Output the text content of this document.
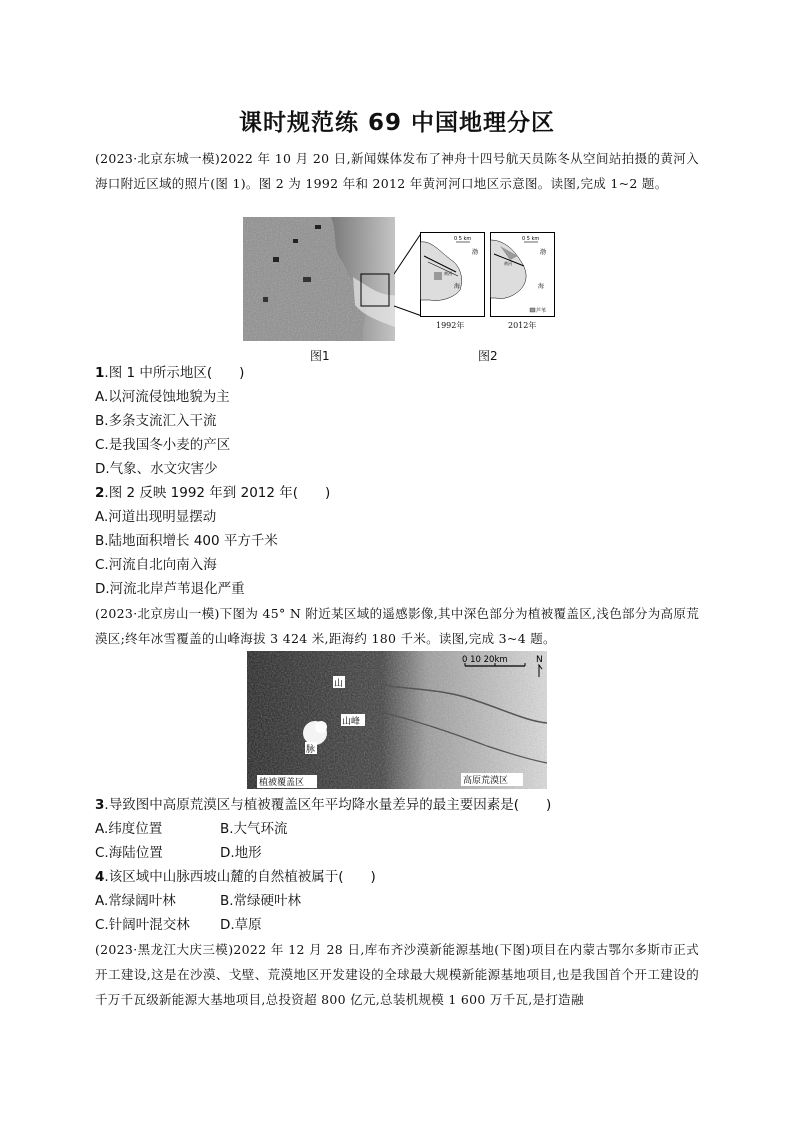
课时规范练 69 中国地理分区
(2023·北京东城一模)2022 年 10 月 20 日,新闻媒体发布了神舟十四号航天员陈冬从空间站拍摄的黄河入海口附近区域的照片(图 1)。图 2 为 1992 年和 2012 年黄河河口地区示意图。读图,完成 1~2 题。
0 5 km
渤
海
黄河
0 5 km
渤
海
黄河
芦苇
1992年	2012年
图1	图2
1.图 1 中所示地区(　　)
A.以河流侵蚀地貌为主
B.多条支流汇入干流
C.是我国冬小麦的产区
D.气象、水文灾害少
2.图 2 反映 1992 年到 2012 年(　　)
A.河道出现明显摆动
B.陆地面积增长 400 平方千米
C.河流自北向南入海
D.河流北岸芦苇退化严重
(2023·北京房山一模)下图为 45° N 附近某区域的遥感影像,其中深色部分为植被覆盖区,浅色部分为高原荒漠区;终年冰雪覆盖的山峰海拔 3 424 米,距海约 180 千米。读图,完成 3~4 题。
0 10 20km	N
山
山峰
脉
植被覆盖区	高原荒漠区
3.导致图中高原荒漠区与植被覆盖区年平均降水量差异的最主要因素是(　　)
A.纬度位置	B.大气环流
C.海陆位置	D.地形
4.该区域中山脉西坡山麓的自然植被属于(　　)
A.常绿阔叶林	B.常绿硬叶林
C.针阔叶混交林 D.草原
(2023·黑龙江大庆三模)2022 年 12 月 28 日,库布齐沙漠新能源基地(下图)项目在内蒙古鄂尔多斯市正式开工建设,这是在沙漠、戈壁、荒漠地区开发建设的全球最大规模新能源基地项目,也是我国首个开工建设的千万千瓦级新能源大基地项目,总投资超 800 亿元,总装机规模 1 600 万千瓦,是打造融
